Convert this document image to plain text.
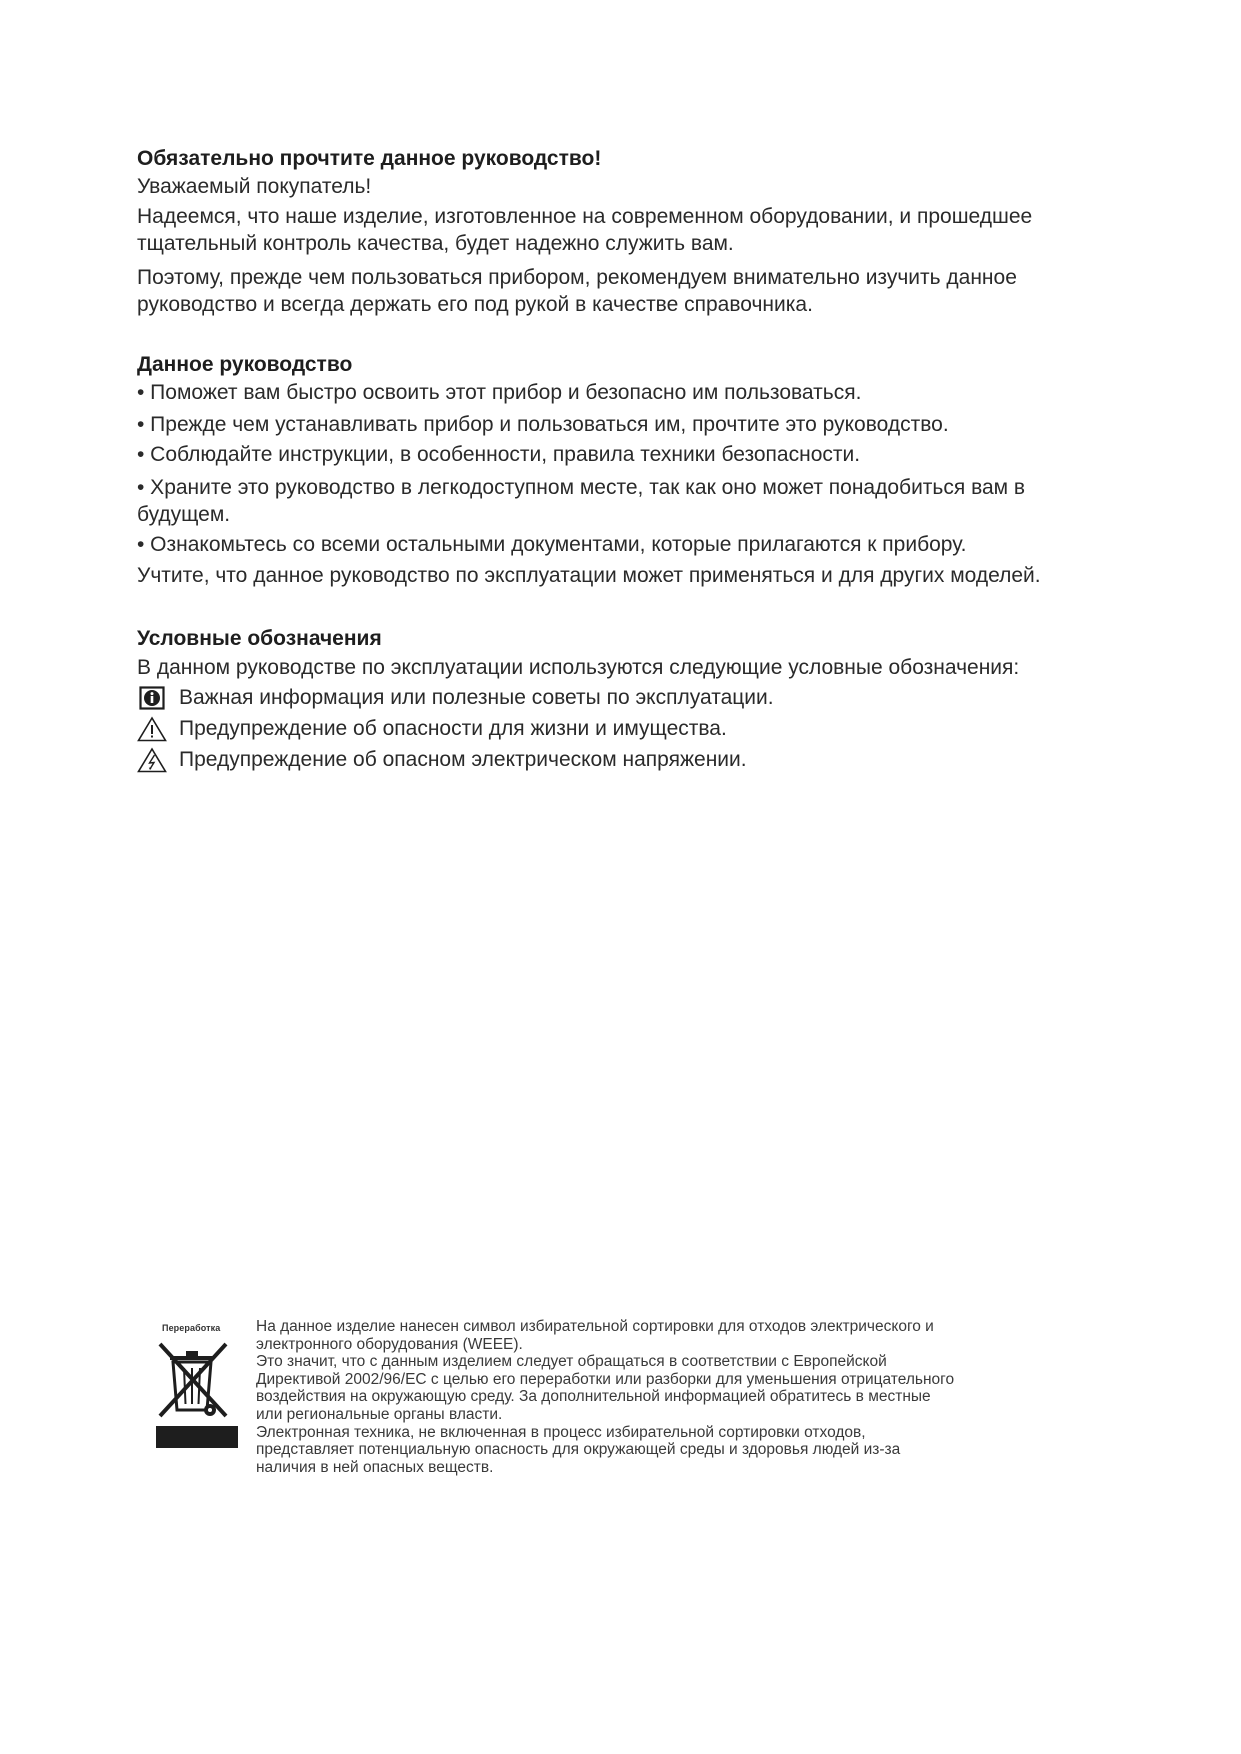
Обязательно прочтите данное руководство!

Уважаемый покупатель!

Надеемся, что наше изделие, изготовленное на современном оборудовании, и прошедшее

тщательный контроль качества, будет надежно служить вам.

Поэтому, прежде чем пользоваться прибором, рекомендуем внимательно изучить данное

руководство и всегда держать его под рукой в качестве справочника.

Данное руководство

• Поможет вам быстро освоить этот прибор и безопасно им пользоваться.

• Прежде чем устанавливать прибор и пользоваться им, прочтите это руководство.

• Соблюдайте инструкции, в особенности, правила техники безопасности.

• Храните это руководство в легкодоступном месте, так как оно может понадобиться вам в

будущем.

• Ознакомьтесь со всеми остальными документами, которые прилагаются к прибору.

Учтите, что данное руководство по эксплуатации может применяться и для других моделей.

Условные обозначения

В данном руководстве по эксплуатации используются следующие условные обозначения:

Важная информация или полезные советы по эксплуатации.
Предупреждение об опасности для жизни и имущества.
Предупреждение об опасном электрическом напряжении.
Переработка На данное изделие нанесен символ избирательной сортировки для отходов электрического и
электронного оборудования (WEEE).
Это значит, что с данным изделием следует обращаться в соответствии с Европейской
Директивой 2002/96/ЕС с целью его переработки или разборки для уменьшения отрицательного
воздействия на окружающую среду. За дополнительной информацией обратитесь в местные
или региональные органы власти.
Электронная техника, не включенная в процесс избирательной сортировки отходов,
представляет потенциальную опасность для окружающей среды и здоровья людей из-за
наличия в ней опасных веществ.
